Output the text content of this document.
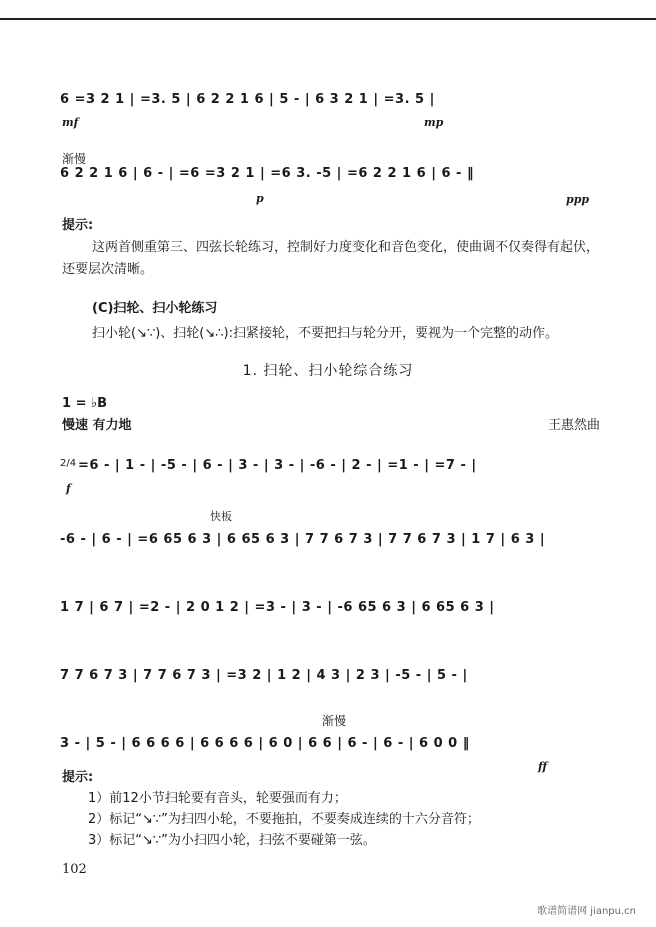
6 =3 2 1 | =3. 5 | 6 2 2 1 6 | 5 - | 6 3 2 1 | =3. 5 |
mf	mp
渐慢
6 2 2 1 6 | 6 - | =6 =3 2 1 | =6 3. -5 | =6 2 2 1 6 | 6 - ‖
p	ppp
提示:
这两首侧重第三、四弦长轮练习，控制好力度变化和音色变化，使曲调不仅奏得有起伏，
还要层次清晰。
(C)扫轮、扫小轮练习
扫小轮(↘∵)、扫轮(↘∴):扫紧接轮，不要把扫与轮分开，要视为一个完整的动作。
1. 扫轮、扫小轮综合练习
1 = ♭B
慢速 有力地	王惠然曲
2/4 =6 - | 1 - | -5 - | 6 - | 3 - | 3 - | -6 - | 2 - | =1 - | =7 - |
f
快板
-6 - | 6 - | =6 65 6 3 | 6 65 6 3 | 7 7 6 7 3 | 7 7 6 7 3 | 1 7 | 6 3 |
1 7 | 6 7 | =2 - | 2 0 1 2 | =3 - | 3 - | -6 65 6 3 | 6 65 6 3 |
7 7 6 7 3 | 7 7 6 7 3 | =3 2 | 1 2 | 4 3 | 2 3 | -5 - | 5 - |
渐慢
3 - | 5 - | 6 6 6 6 | 6 6 6 6 | 6 0 | 6 6 | 6 - | 6 - | 6 0 0 ‖
ff
提示:
1）前12小节扫轮要有音头，轮要强而有力；
2）标记“↘∵”为扫四小轮，不要拖拍，不要奏成连续的十六分音符；
3）标记“↘∵”为小扫四小轮，扫弦不要碰第一弦。
102
歌谱简谱网 jianpu.cn
